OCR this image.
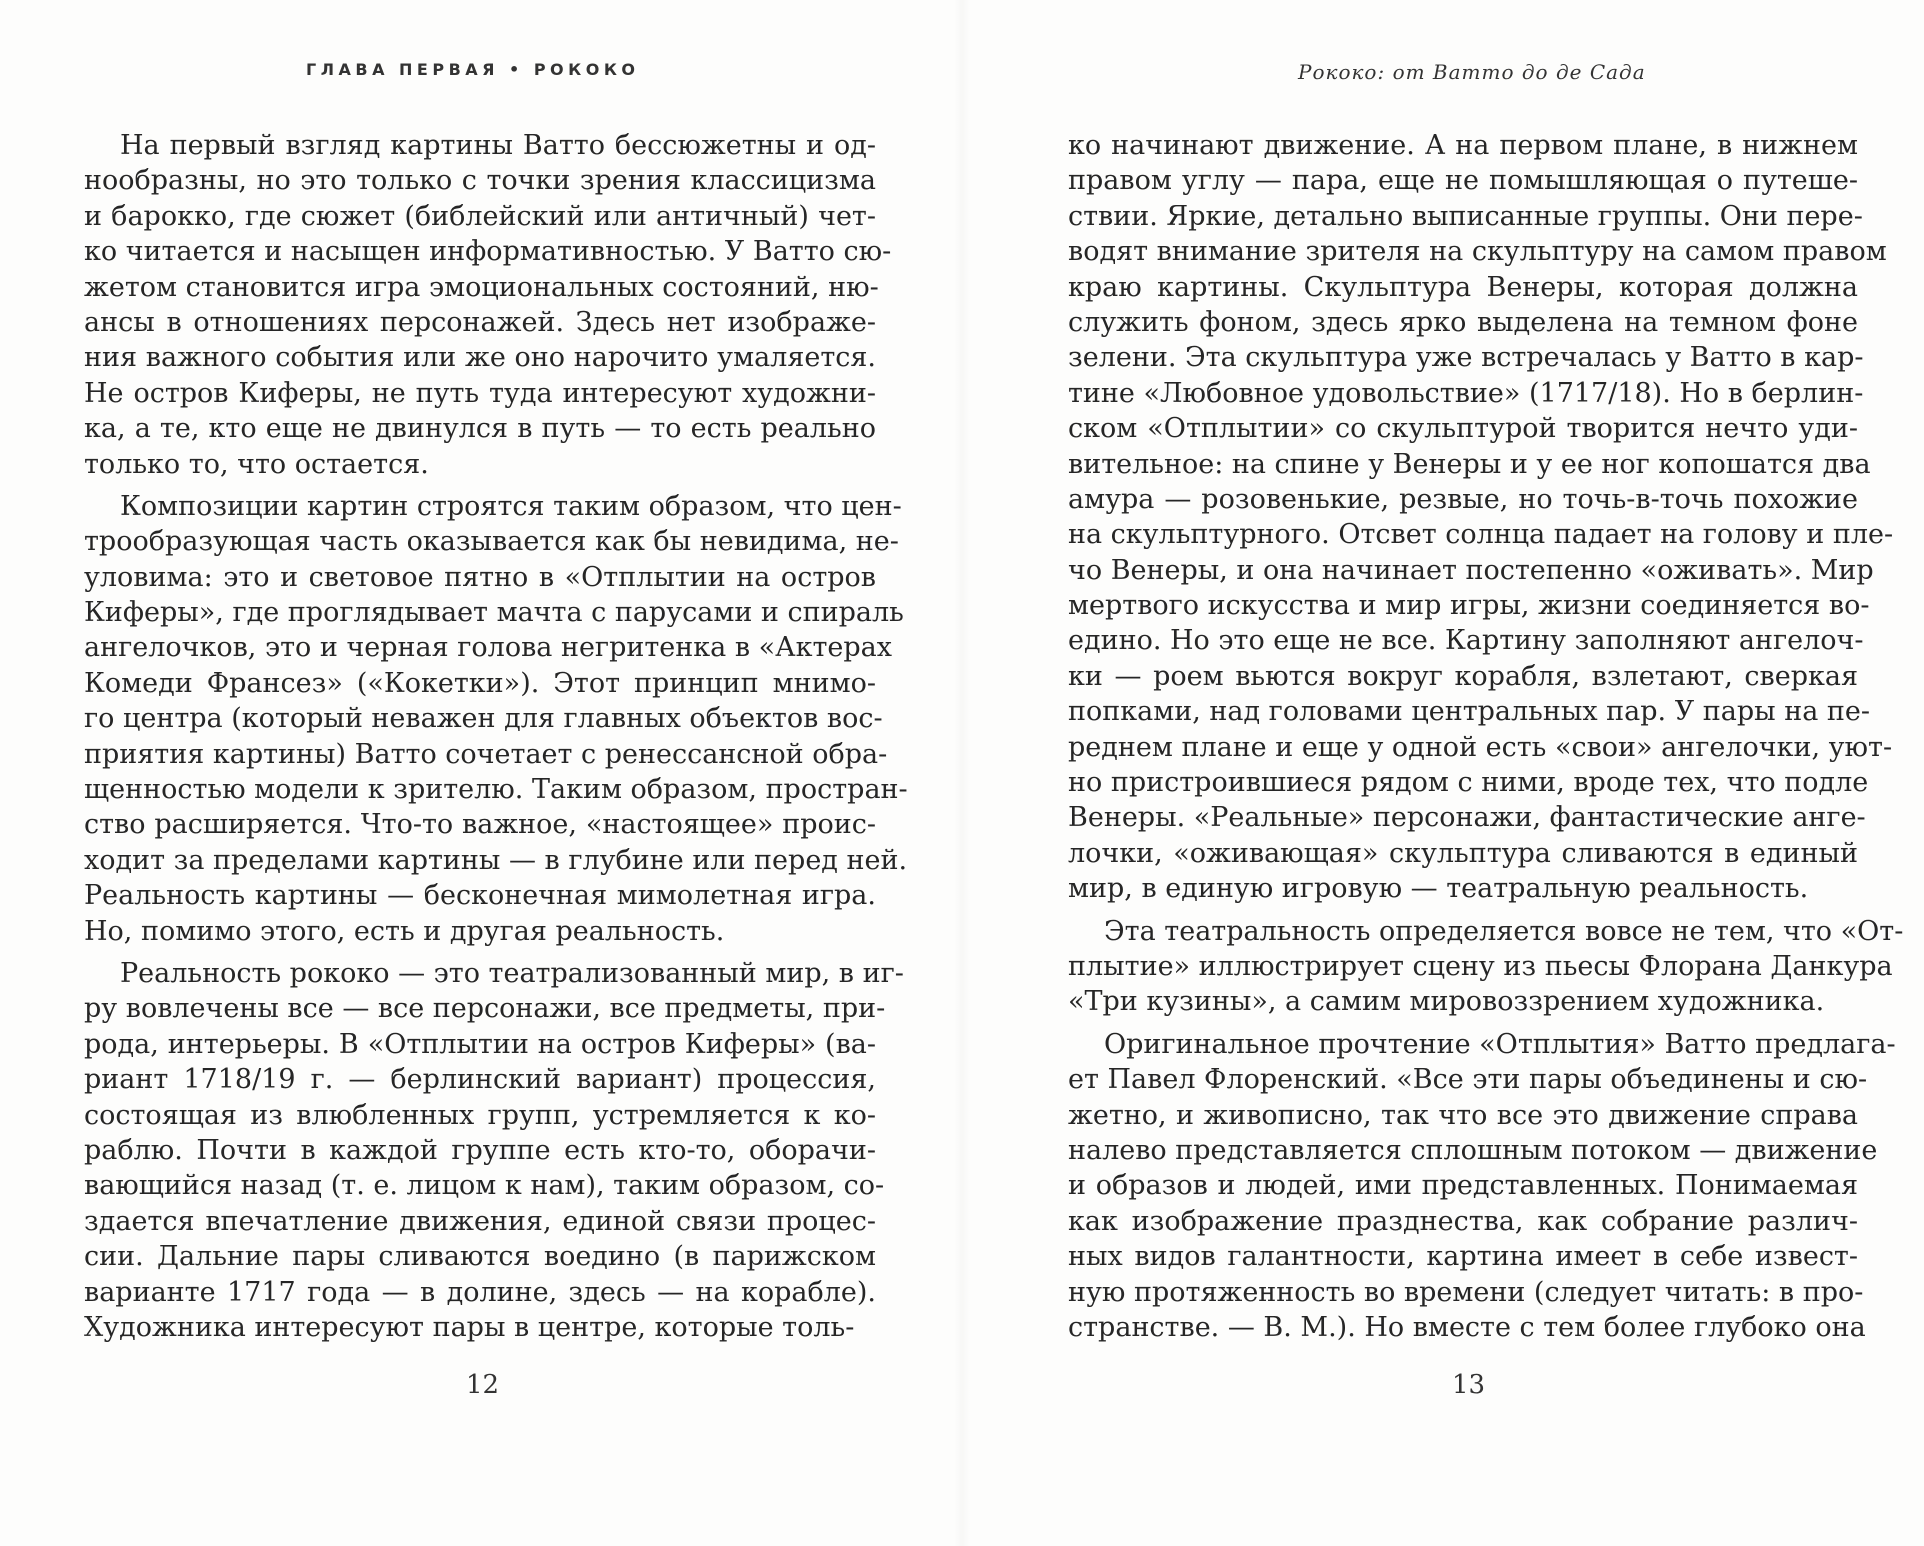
ГЛАВА ПЕРВАЯ • РОКОКО
На первый взгляд картины Ватто бессюжетны и од-
нообразны, но это только с точки зрения классицизма
и барокко, где сюжет (библейский или античный) чет-
ко читается и насыщен информативностью. У Ватто сю-
жетом становится игра эмоциональных состояний, ню-
ансы в отношениях персонажей. Здесь нет изображе-
ния важного события или же оно нарочито умаляется.
Не остров Киферы, не путь туда интересуют художни-
ка, а те, кто еще не двинулся в путь — то есть реально
только то, что остается.
Композиции картин строятся таким образом, что цен-
трообразующая часть оказывается как бы невидима, не-
уловима: это и световое пятно в «Отплытии на остров
Киферы», где проглядывает мачта с парусами и спираль
ангелочков, это и черная голова негритенка в «Актерах
Комеди Франсез» («Кокетки»). Этот принцип мнимо-
го центра (который неважен для главных объектов вос-
приятия картины) Ватто сочетает с ренессансной обра-
щенностью модели к зрителю. Таким образом, простран-
ство расширяется. Что-то важное, «настоящее» проис-
ходит за пределами картины — в глубине или перед ней.
Реальность картины — бесконечная мимолетная игра.
Но, помимо этого, есть и другая реальность.
Реальность рококо — это театрализованный мир, в иг-
ру вовлечены все — все персонажи, все предметы, при-
рода, интерьеры. В «Отплытии на остров Киферы» (ва-
риант 1718/19 г. — берлинский вариант) процессия,
состоящая из влюбленных групп, устремляется к ко-
раблю. Почти в каждой группе есть кто-то, оборачи-
вающийся назад (т. е. лицом к нам), таким образом, со-
здается впечатление движения, единой связи процес-
сии. Дальние пары сливаются воедино (в парижском
варианте 1717 года — в долине, здесь — на корабле).
Художника интересуют пары в центре, которые толь-
12
Рококо: от Ватто до де Сада
ко начинают движение. А на первом плане, в нижнем
правом углу — пара, еще не помышляющая о путеше-
ствии. Яркие, детально выписанные группы. Они пере-
водят внимание зрителя на скульптуру на самом правом
краю картины. Скульптура Венеры, которая должна
служить фоном, здесь ярко выделена на темном фоне
зелени. Эта скульптура уже встречалась у Ватто в кар-
тине «Любовное удовольствие» (1717/18). Но в берлин-
ском «Отплытии» со скульптурой творится нечто уди-
вительное: на спине у Венеры и у ее ног копошатся два
амура — розовенькие, резвые, но точь-в-точь похожие
на скульптурного. Отсвет солнца падает на голову и пле-
чо Венеры, и она начинает постепенно «оживать». Мир
мертвого искусства и мир игры, жизни соединяется во-
едино. Но это еще не все. Картину заполняют ангелоч-
ки — роем вьются вокруг корабля, взлетают, сверкая
попками, над головами центральных пар. У пары на пе-
реднем плане и еще у одной есть «свои» ангелочки, уют-
но пристроившиеся рядом с ними, вроде тех, что подле
Венеры. «Реальные» персонажи, фантастические анге-
лочки, «оживающая» скульптура сливаются в единый
мир, в единую игровую — театральную реальность.
Эта театральность определяется вовсе не тем, что «От-
плытие» иллюстрирует сцену из пьесы Флорана Данкура
«Три кузины», а самим мировоззрением художника.
Оригинальное прочтение «Отплытия» Ватто предлага-
ет Павел Флоренский. «Все эти пары объединены и сю-
жетно, и живописно, так что все это движение справа
налево представляется сплошным потоком — движение
и образов и людей, ими представленных. Понимаемая
как изображение празднества, как собрание различ-
ных видов галантности, картина имеет в себе извест-
ную протяженность во времени (следует читать: в про-
странстве. — В. М.). Но вместе с тем более глубоко она
13
